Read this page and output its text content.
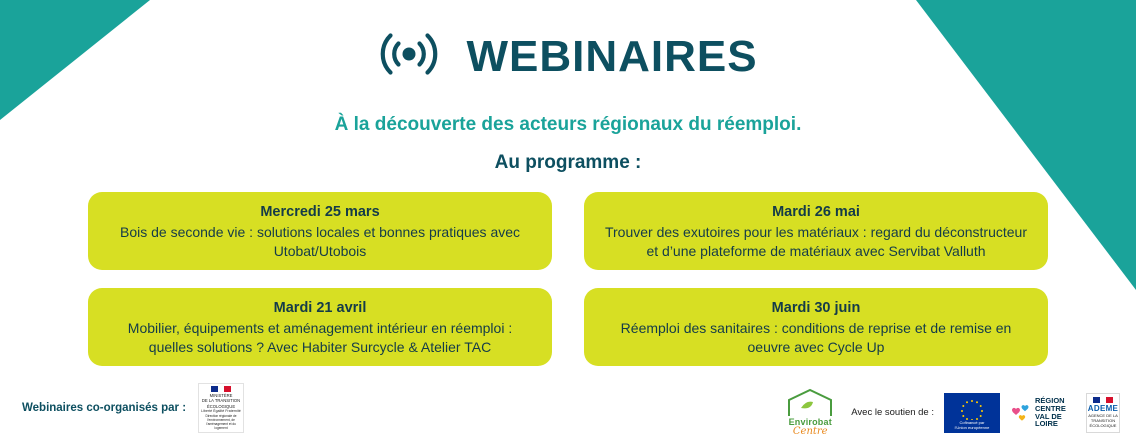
WEBINAIRES
À la découverte des acteurs régionaux du réemploi.
Au programme :
Mercredi 25 mars
Bois de seconde vie : solutions locales et bonnes pratiques avec Utobat/Utobois
Mardi 26 mai
Trouver des exutoires pour les matériaux : regard du déconstructeur et d’une plateforme de matériaux avec Servibat Valluth
Mardi 21 avril
Mobilier, équipements et aménagement intérieur en réemploi : quelles solutions ? Avec Habiter Surcycle & Atelier TAC
Mardi 30 juin
Réemploi des sanitaires : conditions de reprise et de remise en oeuvre avec Cycle Up
Webinaires co-organisés par :
MINISTÈRE
DE LA TRANSITION
ÉCOLOGIQUE
Liberté Égalité Fraternité
Direction régionale de l’environnement, de l’aménagement et du logement
Envirobat
Centre
Avec le soutien de :
Cofinancé par
l’Union européenne
RÉGION
CENTRE
VAL DE LOIRE
ADEME
AGENCE DE LA TRANSITION ÉCOLOGIQUE
